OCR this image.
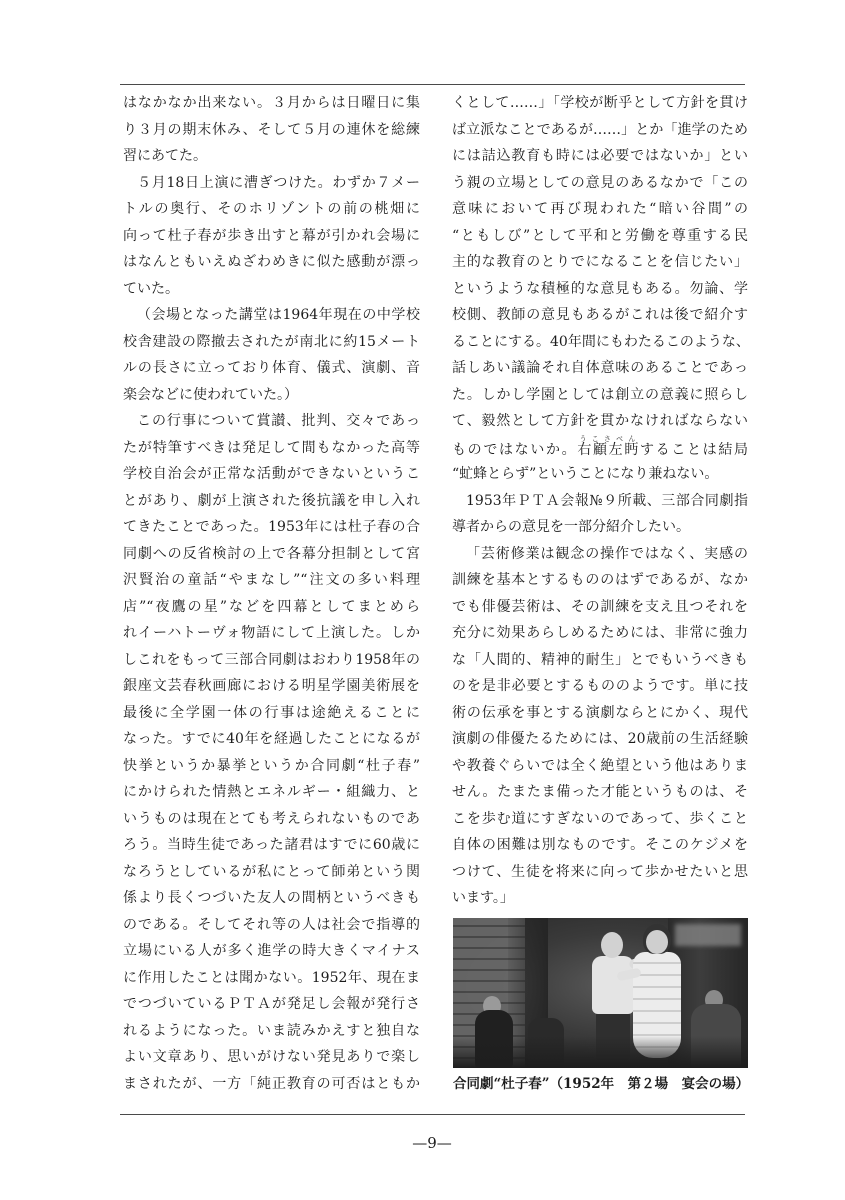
はなかなか出来ない。３月からは日曜日に集
り３月の期末休み、そして５月の連休を総練
習にあてた。
５月18日上演に漕ぎつけた。わずか７メー
トルの奥行、そのホリゾントの前の桃畑に
向って杜子春が歩き出すと幕が引かれ会場に
はなんともいえぬざわめきに似た感動が漂っ
ていた。
（会場となった講堂は1964年現在の中学校
校舎建設の際撤去されたが南北に約15メート
ルの長さに立っており体育、儀式、演劇、音
楽会などに使われていた。）
この行事について賞讃、批判、交々であっ
たが特筆すべきは発足して間もなかった高等
学校自治会が正常な活動ができないというこ
とがあり、劇が上演された後抗議を申し入れ
てきたことであった。1953年には杜子春の合
同劇への反省検討の上で各幕分担制として宮
沢賢治の童話“やまなし”“注文の多い料理
店”“夜鷹の星”などを四幕としてまとめら
れイーハトーヴォ物語にして上演した。しか
しこれをもって三部合同劇はおわり1958年の
銀座文芸春秋画廊における明星学園美術展を
最後に全学園一体の行事は途絶えることに
なった。すでに40年を経過したことになるが
快挙というか暴挙というか合同劇“杜子春”
にかけられた情熱とエネルギー・組織力、と
いうものは現在とても考えられないものであ
ろう。当時生徒であった諸君はすでに60歳に
なろうとしているが私にとって師弟という関
係より長くつづいた友人の間柄というべきも
のである。そしてそれ等の人は社会で指導的
立場にいる人が多く進学の時大きくマイナス
に作用したことは聞かない。1952年、現在ま
でつづいているＰＴＡが発足し会報が発行さ
れるようになった。いま読みかえすと独自な
よい文章あり、思いがけない発見ありで楽し
まされたが、一方「純正教育の可否はともか
くとして……」「学校が断乎として方針を貫け
ば立派なことであるが……」とか「進学のため
には詰込教育も時には必要ではないか」とい
う親の立場としての意見のあるなかで「この
意味において再び現われた“暗い谷間”の
“ともしび”として平和と労働を尊重する民
主的な教育のとりでになることを信じたい」
というような積極的な意見もある。勿論、学
校側、教師の意見もあるがこれは後で紹介す
ることにする。40年間にもわたるこのような、
話しあい議論それ自体意味のあることであっ
た。しかし学園としては創立の意義に照らし
て、毅然として方針を貫かなければならない
ものではないか。右顧左眄うこさべんすることは結局
“虻蜂とらず”ということになり兼ねない。
1953年ＰＴＡ会報№９所載、三部合同劇指
導者からの意見を一部分紹介したい。
「芸術修業は観念の操作ではなく、実感の
訓練を基本とするもののはずであるが、なか
でも俳優芸術は、その訓練を支え且つそれを
充分に効果あらしめるためには、非常に強力
な「人間的、精神的耐生」とでもいうべきも
のを是非必要とするもののようです。単に技
術の伝承を事とする演劇ならとにかく、現代
演劇の俳優たるためには、20歳前の生活経験
や教養ぐらいでは全く絶望という他はありま
せん。たまたま備った才能というものは、そ
こを歩む道にすぎないのであって、歩くこと
自体の困難は別なものです。そこのケジメを
つけて、生徒を将来に向って歩かせたいと思
います。」
合同劇“杜子春”（1952年　第２場　宴会の場）
—9—
